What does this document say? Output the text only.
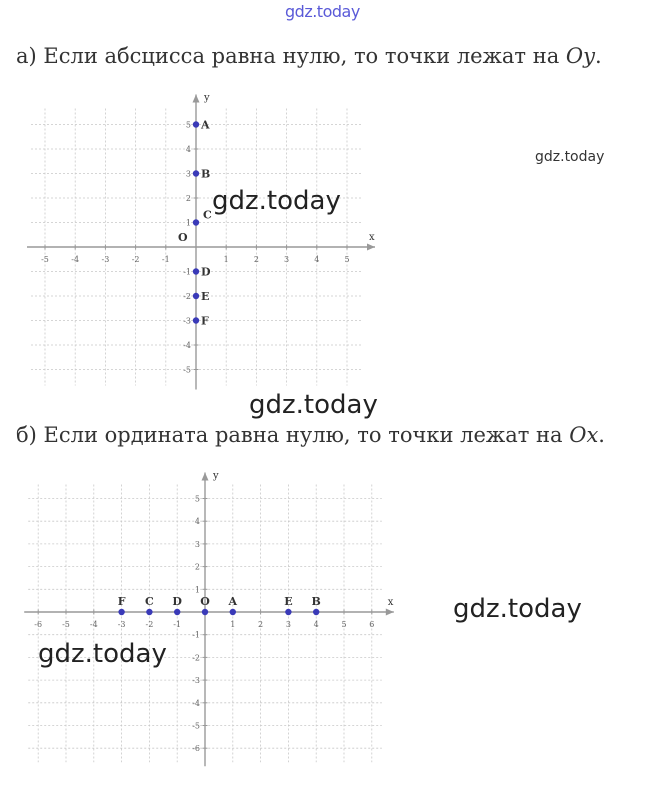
gdz.today
а) Если абсцисса равна нулю, то точки лежат на Oy.
x
y
-5	-4	-3	-2	-1	1	2	3	4	5
-5
-4
-3
-2
-1
1
2
3
4
5 A
B
C
D
E
F
O
gdz.today
gdz.today
gdz.today
б) Если ордината равна нулю, то точки лежат на Ox.
x
y
-6	-5	-4	-3	-2	-1	1	2	3	4	5	6
-6
-5
-4
-3
-2
-1
1
2
3
4
5
F C D O A	E B	gdz.today
gdz.today
